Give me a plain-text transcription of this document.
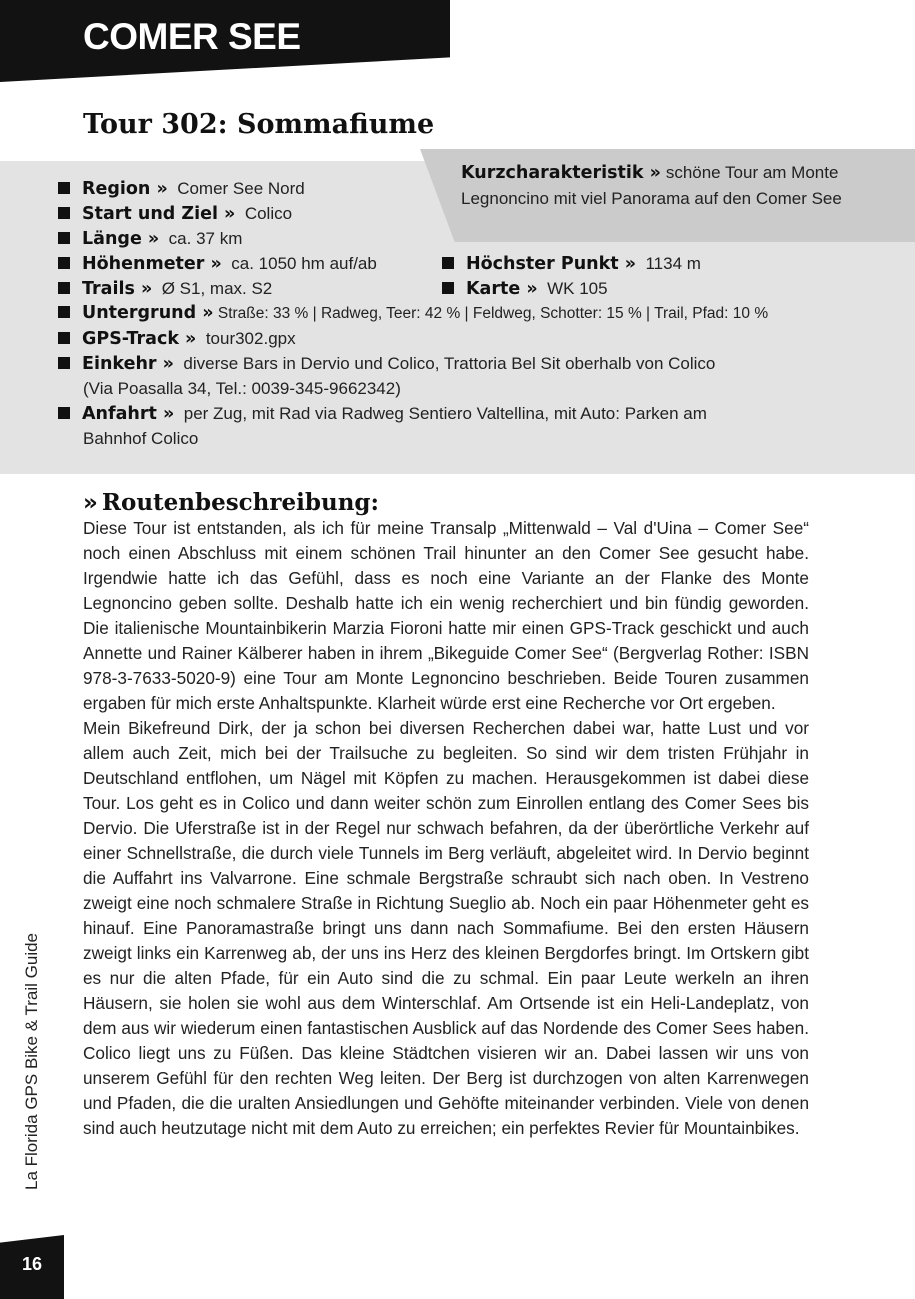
COMER SEE
Tour 302: Sommafiume
Kurzcharakteristik » schöne Tour am Monte Legnoncino mit viel Panorama auf den Comer See
Region » Comer See Nord
Start und Ziel » Colico
Länge » ca. 37 km
Höhenmeter » ca. 1050 hm auf/ab	Höchster Punkt » 1134 m
Trails » Ø S1, max. S2	Karte » WK 105
Untergrund » Straße: 33 % | Radweg, Teer: 42 % | Feldweg, Schotter: 15 % | Trail, Pfad: 10 %
GPS-Track » tour302.gpx
Einkehr » diverse Bars in Dervio und Colico, Trattoria Bel Sit oberhalb von Colico
(Via Poasalla 34, Tel.: 0039-345-9662342)
Anfahrt » per Zug, mit Rad via Radweg Sentiero Valtellina, mit Auto: Parken am
Bahnhof Colico
» Routenbeschreibung:

Diese Tour ist entstanden, als ich für meine Transalp „Mittenwald – Val d'Uina – Comer See“ noch einen Abschluss mit einem schönen Trail hinunter an den Comer See gesucht habe. Irgendwie hatte ich das Gefühl, dass es noch eine Variante an der Flanke des Monte Legnoncino geben sollte. Deshalb hatte ich ein wenig recherchiert und bin fündig geworden. Die italienische Mountainbikerin Marzia Fioroni hatte mir einen GPS-Track geschickt und auch Annette und Rainer Kälberer haben in ihrem „Bikeguide Comer See“ (Bergverlag Rother: ISBN 978-3-7633-5020-9) eine Tour am Monte Legnoncino beschrieben. Beide Touren zusammen ergaben für mich erste Anhaltspunkte. Klarheit würde erst eine Recherche vor Ort ergeben.

Mein Bikefreund Dirk, der ja schon bei diversen Recherchen dabei war, hatte Lust und vor allem auch Zeit, mich bei der Trailsuche zu begleiten. So sind wir dem tristen Frühjahr in Deutschland entflohen, um Nägel mit Köpfen zu machen. Herausgekommen ist dabei diese Tour. Los geht es in Colico und dann weiter schön zum Einrollen entlang des Comer Sees bis Dervio. Die Uferstraße ist in der Regel nur schwach befahren, da der überörtliche Verkehr auf einer Schnellstraße, die durch viele Tunnels im Berg verläuft, abgeleitet wird. In Dervio beginnt die Auffahrt ins Valvarrone. Eine schmale Bergstraße schraubt sich nach oben. In Vestreno zweigt eine noch schmalere Straße in Richtung Sueglio ab. Noch ein paar Höhenmeter geht es hinauf. Eine Panoramastraße bringt uns dann nach Sommafiume. Bei den ersten Häusern zweigt links ein Karrenweg ab, der uns ins Herz des kleinen Bergdorfes bringt. Im Ortskern gibt es nur die alten Pfade, für ein Auto sind die zu schmal. Ein paar Leute werkeln an ihren Häusern, sie holen sie wohl aus dem Winterschlaf. Am Ortsende ist ein Heli-Landeplatz, von dem aus wir wiederum einen fantastischen Ausblick auf das Nordende des Comer Sees haben. Colico liegt uns zu Füßen. Das kleine Städtchen visieren wir an. Dabei lassen wir uns von unserem Gefühl für den rechten Weg leiten. Der Berg ist durchzogen von alten Karrenwegen und Pfaden, die die uralten Ansiedlungen und Gehöfte miteinander verbinden. Viele von denen sind auch heutzutage nicht mit dem Auto zu erreichen; ein perfektes Revier für Mountainbikes.

La Florida GPS Bike & Trail Guide
16
